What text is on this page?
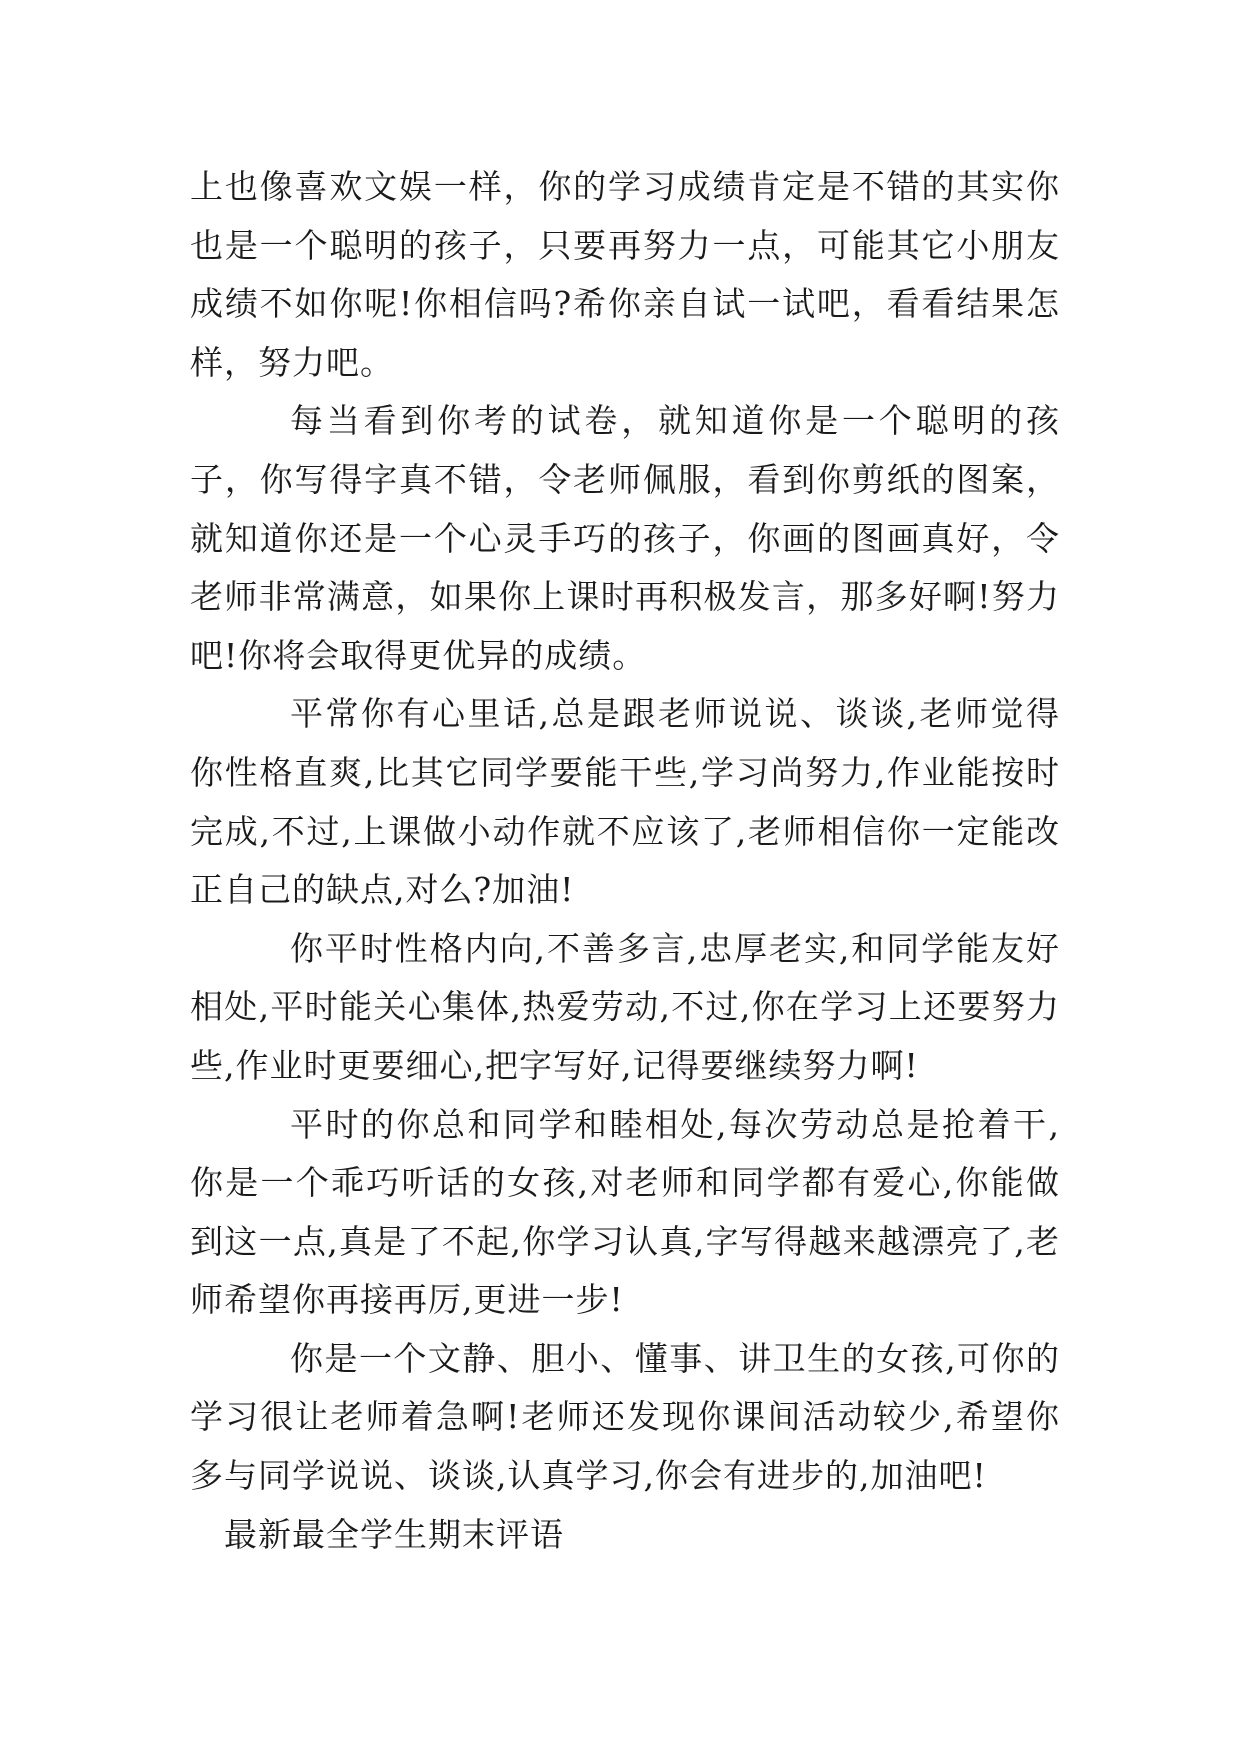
上也像喜欢文娱一样，你的学习成绩肯定是不错的其实你也是一个聪明的孩子，只要再努力一点，可能其它小朋友成绩不如你呢!你相信吗?希你亲自试一试吧，看看结果怎样，努力吧。

每当看到你考的试卷，就知道你是一个聪明的孩子，你写得字真不错，令老师佩服，看到你剪纸的图案，就知道你还是一个心灵手巧的孩子，你画的图画真好，令老师非常满意，如果你上课时再积极发言，那多好啊!努力吧!你将会取得更优异的成绩。

平常你有心里话,总是跟老师说说、谈谈,老师觉得你性格直爽,比其它同学要能干些,学习尚努力,作业能按时完成,不过,上课做小动作就不应该了,老师相信你一定能改正自己的缺点,对么?加油!

你平时性格内向,不善多言,忠厚老实,和同学能友好相处,平时能关心集体,热爱劳动,不过,你在学习上还要努力些,作业时更要细心,把字写好,记得要继续努力啊!

平时的你总和同学和睦相处,每次劳动总是抢着干,你是一个乖巧听话的女孩,对老师和同学都有爱心,你能做到这一点,真是了不起,你学习认真,字写得越来越漂亮了,老师希望你再接再厉,更进一步!

你是一个文静、胆小、懂事、讲卫生的女孩,可你的学习很让老师着急啊!老师还发现你课间活动较少,希望你多与同学说说、谈谈,认真学习,你会有进步的,加油吧!

最新最全学生期末评语
